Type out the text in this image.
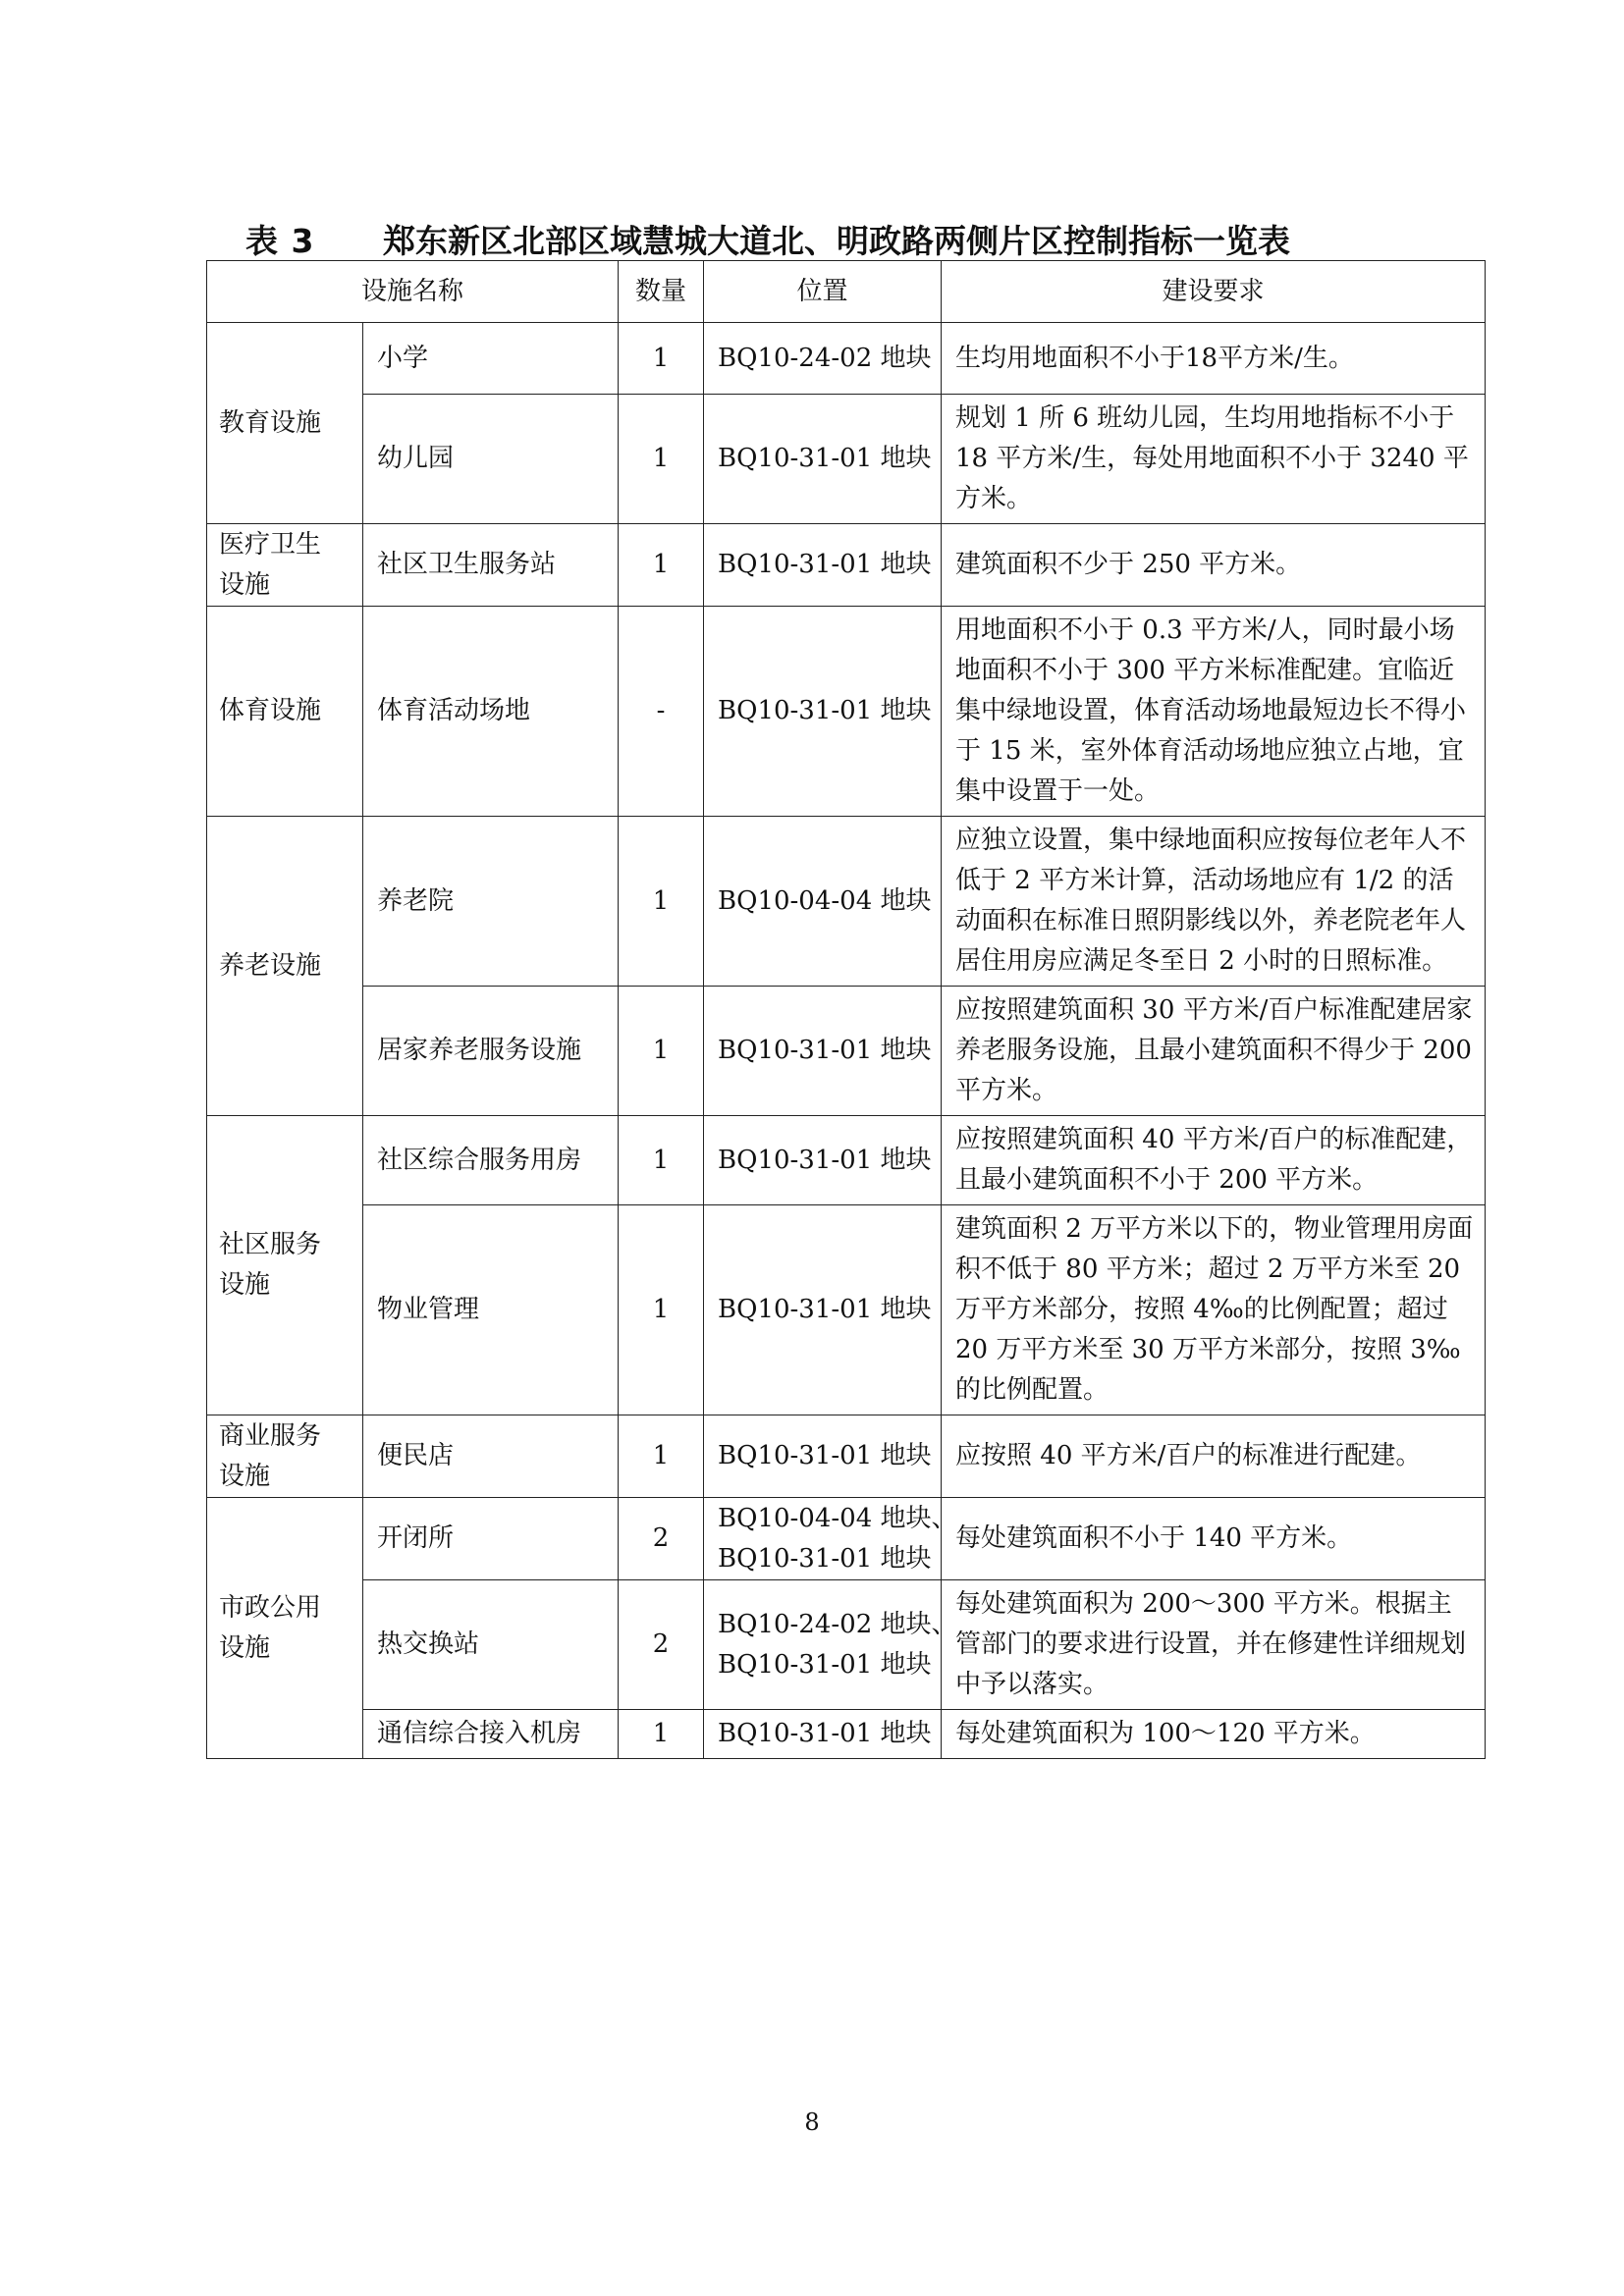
表 3 郑东新区北部区域慧城大道北、明政路两侧片区控制指标一览表
设施名称		数量	位置	建设要求

教育设施	小学	1	BQ10-24-02 地块	生均用地面积不小于18平方米/生。
	幼儿园	1	BQ10-31-01 地块	规划 1 所 6 班幼儿园，生均用地指标不小于 18 平方米/生，每处用地面积不小于 3240 平方米。

医疗卫生
设施	社区卫生服务站	1	BQ10-31-01 地块	建筑面积不少于 250 平方米。

体育设施	体育活动场地	-	BQ10-31-01 地块	用地面积不小于 0.3 平方米/人，同时最小场地面积不小于 300 平方米标准配建。宜临近集中绿地设置，体育活动场地最短边长不得小于 15 米，室外体育活动场地应独立占地，宜集中设置于一处。

养老设施	养老院	1	BQ10-04-04 地块	应独立设置，集中绿地面积应按每位老年人不低于 2 平方米计算，活动场地应有 1/2 的活动面积在标准日照阴影线以外，养老院老年人居住用房应满足冬至日 2 小时的日照标准。
	居家养老服务设施	1	BQ10-31-01 地块	应按照建筑面积 30 平方米/百户标准配建居家养老服务设施，且最小建筑面积不得少于 200 平方米。

社区服务
设施	社区综合服务用房	1	BQ10-31-01 地块	应按照建筑面积 40 平方米/百户的标准配建，且最小建筑面积不小于 200 平方米。
	物业管理	1	BQ10-31-01 地块	建筑面积 2 万平方米以下的，物业管理用房面积不低于 80 平方米；超过 2 万平方米至 20 万平方米部分，按照 4‰的比例配置；超过 20 万平方米至 30 万平方米部分，按照 3‰的比例配置。

商业服务
设施	便民店	1	BQ10-31-01 地块	应按照 40 平方米/百户的标准进行配建。

市政公用
设施	开闭所	2	BQ10-04-04 地块、
BQ10-31-01 地块	每处建筑面积不小于 140 平方米。
	热交换站	2	BQ10-24-02 地块、
BQ10-31-01 地块	每处建筑面积为 200～300 平方米。根据主管部门的要求进行设置，并在修建性详细规划中予以落实。
	通信综合接入机房	1	BQ10-31-01 地块	每处建筑面积为 100～120 平方米。
8
